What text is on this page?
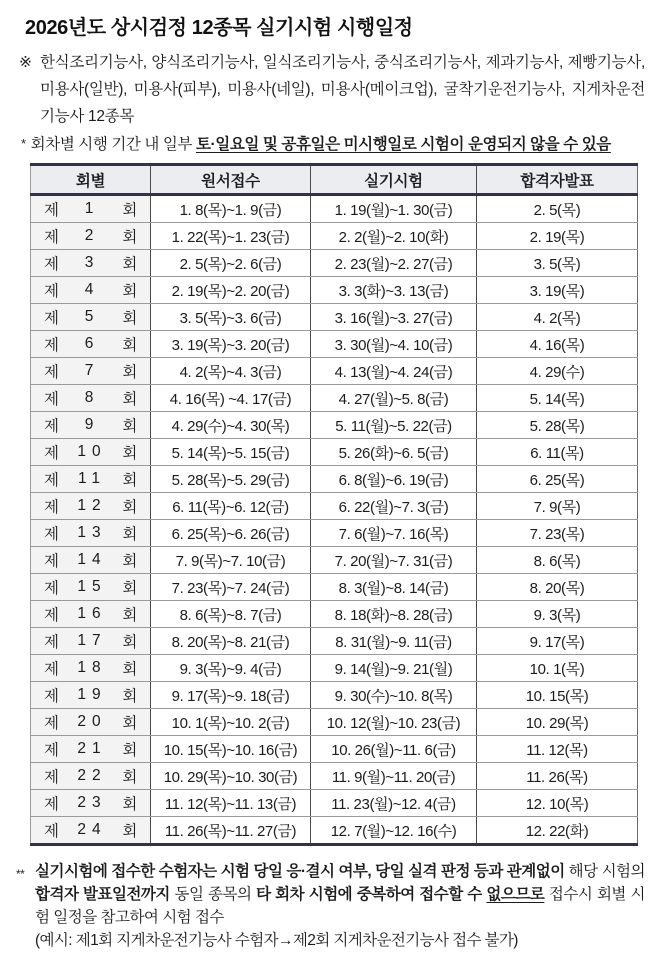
2026년도 상시검정 12종목 실기시험 시행일정
※ 한식조리기능사, 양식조리기능사, 일식조리기능사, 중식조리기능사, 제과기능사, 제빵기능사, 미용사(일반), 미용사(피부), 미용사(네일), 미용사(메이크업), 굴착기운전기능사, 지게차운전기능사 12종목
* 회차별 시행 기간 내 일부 토·일요일 및 공휴일은 미시행일로 시험이 운영되지 않을 수 있음
회별	원서접수	실기시험	합격자발표

제 1 회	1. 8(목)~1. 9(금)	1. 19(월)~1. 30(금)	2. 5(목)

제 2 회	1. 22(목)~1. 23(금)	2. 2(월)~2. 10(화)	2. 19(목)

제 3 회	2. 5(목)~2. 6(금)	2. 23(월)~2. 27(금)	3. 5(목)

제 4 회	2. 19(목)~2. 20(금)	3. 3(화)~3. 13(금)	3. 19(목)

제 5 회	3. 5(목)~3. 6(금)	3. 16(월)~3. 27(금)	4. 2(목)

제 6 회	3. 19(목)~3. 20(금)	3. 30(월)~4. 10(금)	4. 16(목)

제 7 회	4. 2(목)~4. 3(금)	4. 13(월)~4. 24(금)	4. 29(수)

제 8 회	4. 16(목) ~4. 17(금)	4. 27(월)~5. 8(금)	5. 14(목)

제 9 회	4. 29(수)~4. 30(목)	5. 11(월)~5. 22(금)	5. 28(목)

제 10 회	5. 14(목)~5. 15(금)	5. 26(화)~6. 5(금)	6. 11(목)

제 11 회	5. 28(목)~5. 29(금)	6. 8(월)~6. 19(금)	6. 25(목)

제 12 회	6. 11(목)~6. 12(금)	6. 22(월)~7. 3(금)	7. 9(목)

제 13 회	6. 25(목)~6. 26(금)	7. 6(월)~7. 16(목)	7. 23(목)

제 14 회	7. 9(목)~7. 10(금)	7. 20(월)~7. 31(금)	8. 6(목)

제 15 회	7. 23(목)~7. 24(금)	8. 3(월)~8. 14(금)	8. 20(목)

제 16 회	8. 6(목)~8. 7(금)	8. 18(화)~8. 28(금)	9. 3(목)

제 17 회	8. 20(목)~8. 21(금)	8. 31(월)~9. 11(금)	9. 17(목)

제 18 회	9. 3(목)~9. 4(금)	9. 14(월)~9. 21(월)	10. 1(목)

제 19 회	9. 17(목)~9. 18(금)	9. 30(수)~10. 8(목)	10. 15(목)

제 20 회	10. 1(목)~10. 2(금)	10. 12(월)~10. 23(금)	10. 29(목)

제 21 회	10. 15(목)~10. 16(금)	10. 26(월)~11. 6(금)	11. 12(목)

제 22 회	10. 29(목)~10. 30(금)	11. 9(월)~11. 20(금)	11. 26(목)

제 23 회	11. 12(목)~11. 13(금)	11. 23(월)~12. 4(금)	12. 10(목)

제 24 회	11. 26(목)~11. 27(금)	12. 7(월)~12. 16(수)	12. 22(화)
** 실기시험에 접수한 수험자는 시험 당일 응·결시 여부, 당일 실격 판정 등과 관계없이 해당 시험의 합격자 발표일전까지 동일 종목의 타 회차 시험에 중복하여 접수할 수 없으므로 접수시 회별 시험 일정을 참고하여 시험 접수
(예시: 제1회 지게차운전기능사 수험자→제2회 지게차운전기능사 접수 불가)
